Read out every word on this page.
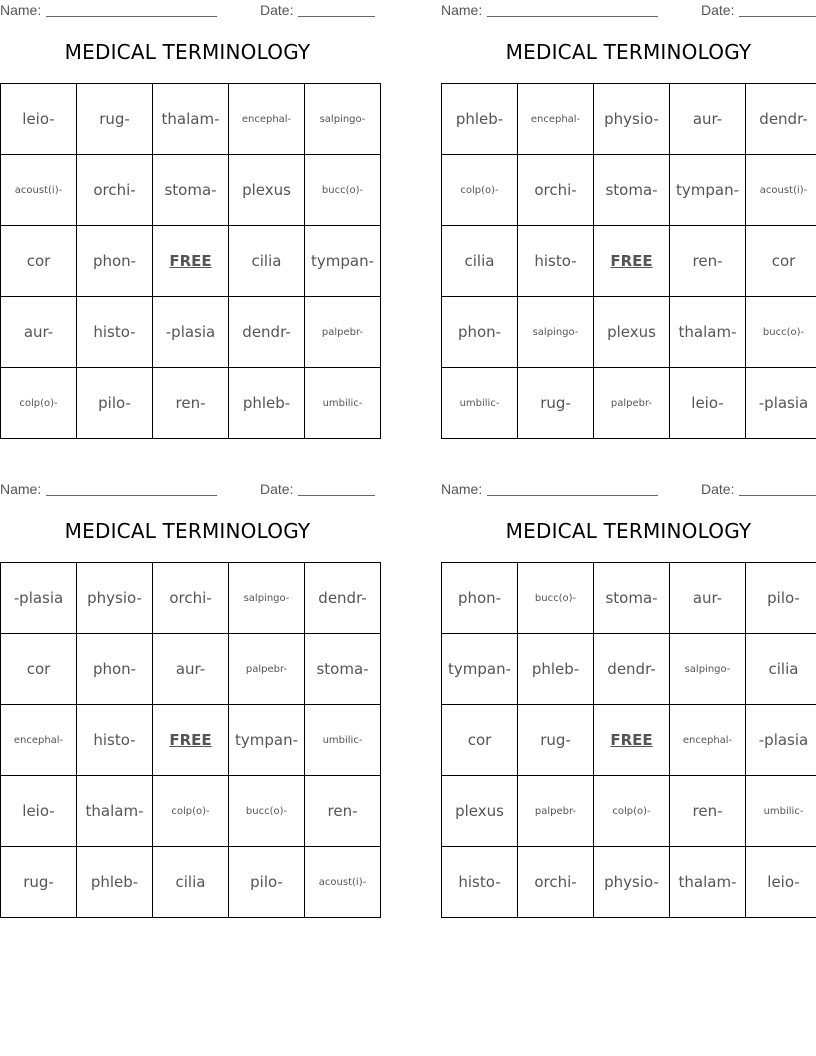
Name:	Date:
MEDICAL TERMINOLOGY
leio-	rug-	thalam-	encephal-	salpingo-
acoust(i)-	orchi-	stoma-	plexus	bucc(o)-
cor	phon-	FREE	cilia	tympan-
aur-	histo-	-plasia	dendr-	palpebr-
colp(o)-	pilo-	ren-	phleb-	umbilic-
Name:	Date:
MEDICAL TERMINOLOGY
phleb-	encephal-	physio-	aur-	dendr-
colp(o)-	orchi-	stoma-	tympan-	acoust(i)-
cilia	histo-	FREE	ren-	cor
phon-	salpingo-	plexus	thalam-	bucc(o)-
umbilic-	rug-	palpebr-	leio-	-plasia
Name:	Date:
MEDICAL TERMINOLOGY
-plasia	physio-	orchi-	salpingo-	dendr-
cor	phon-	aur-	palpebr-	stoma-
encephal-	histo-	FREE	tympan-	umbilic-
leio-	thalam-	colp(o)-	bucc(o)-	ren-
rug-	phleb-	cilia	pilo-	acoust(i)-
Name:	Date:
MEDICAL TERMINOLOGY
phon-	bucc(o)-	stoma-	aur-	pilo-
tympan-	phleb-	dendr-	salpingo-	cilia
cor	rug-	FREE	encephal-	-plasia
plexus	palpebr-	colp(o)-	ren-	umbilic-
histo-	orchi-	physio-	thalam-	leio-
